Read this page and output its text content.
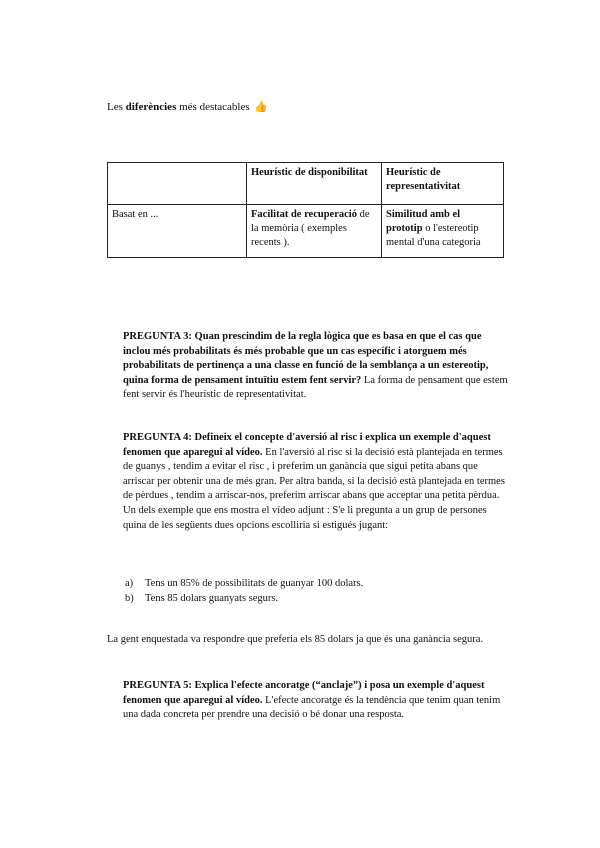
Les diferències més destacables 👍
	Heurístic de disponibilitat	Heurístic de representativitat
Basat en ...	Facilitat de recuperació de la memòria ( exemples recents ).	Similitud amb el prototip o l'estereotip mental d'una categoria
PREGUNTA 3: Quan prescindim de la regla lògica que es basa en que el cas que inclou més probabilitats és més probable que un cas específic i atorguem més probabilitats de pertinença a una classe en funció de la semblança a un estereotip, quina forma de pensament intuïtiu estem fent servir? La forma de pensament que estem fent servir és l'heurístic de representativitat.
PREGUNTA 4: Defineix el concepte d'aversió al risc i explica un exemple d'aquest fenomen que aparegui al vídeo. En l'aversió al risc si la decisió està plantejada en termes de guanys , tendim a evitar el risc , i preferim un ganància que sigui petita abans que arriscar per obtenir una de més gran. Per altra banda, si la decisió està plantejada en termes de pèrdues , tendim a arriscar-nos, preferim arriscar abans que acceptar una petita pèrdua. Un dels exemple que ens mostra el vídeo adjunt : S'e li pregunta a un grup de persones quina de les següents dues opcions escolliria si estigués jugant:
a) Tens un 85% de possibilitats de guanyar 100 dolars.
b) Tens 85 dolars guanyats segurs.
La gent enquestada va respondre que preferia els 85 dolars ja que és una ganància segura.
PREGUNTA 5: Explica l'efecte ancoratge (“anclaje”) i posa un exemple d'aquest fenomen que aparegui al vídeo. L'efecte ancoratge és la tendència que tenim quan tenim una dada concreta per prendre una decisió o bé donar una resposta.
